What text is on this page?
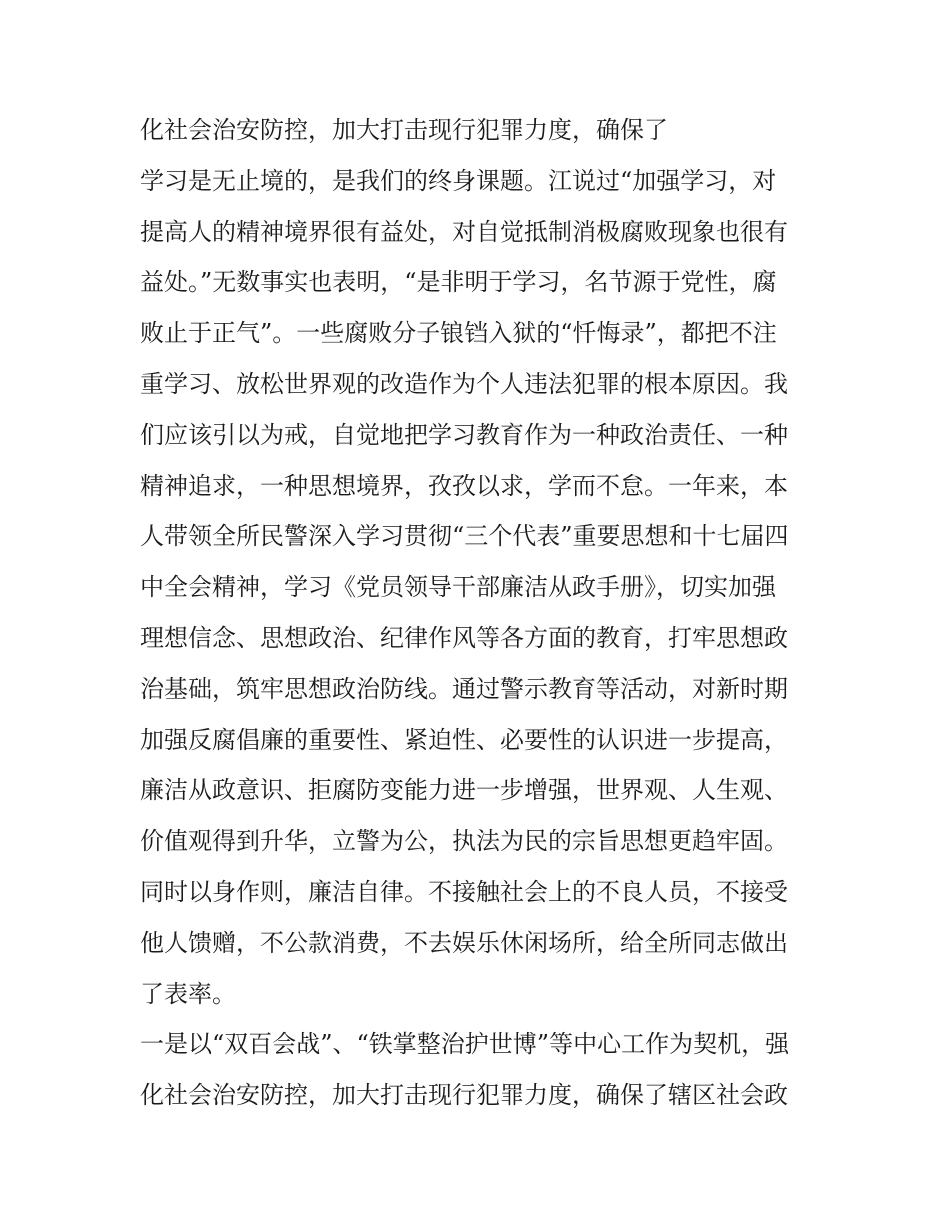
化社会治安防控，加大打击现行犯罪力度，确保了
学习是无止境的，是我们的终身课题。江说过“加强学习，对
提高人的精神境界很有益处，对自觉抵制消极腐败现象也很有
益处。”无数事实也表明，“是非明于学习，名节源于党性，腐
败止于正气”。一些腐败分子锒铛入狱的“忏悔录”，都把不注
重学习、放松世界观的改造作为个人违法犯罪的根本原因。我
们应该引以为戒，自觉地把学习教育作为一种政治责任、一种
精神追求，一种思想境界，孜孜以求，学而不怠。一年来，本
人带领全所民警深入学习贯彻“三个代表”重要思想和十七届四
中全会精神，学习《党员领导干部廉洁从政手册》，切实加强
理想信念、思想政治、纪律作风等各方面的教育，打牢思想政
治基础，筑牢思想政治防线。通过警示教育等活动，对新时期
加强反腐倡廉的重要性、紧迫性、必要性的认识进一步提高，
廉洁从政意识、拒腐防变能力进一步增强，世界观、人生观、
价值观得到升华，立警为公，执法为民的宗旨思想更趋牢固。
同时以身作则，廉洁自律。不接触社会上的不良人员，不接受
他人馈赠，不公款消费，不去娱乐休闲场所，给全所同志做出
了表率。
一是以“双百会战”、“铁掌整治护世博”等中心工作为契机，强
化社会治安防控，加大打击现行犯罪力度，确保了辖区社会政
